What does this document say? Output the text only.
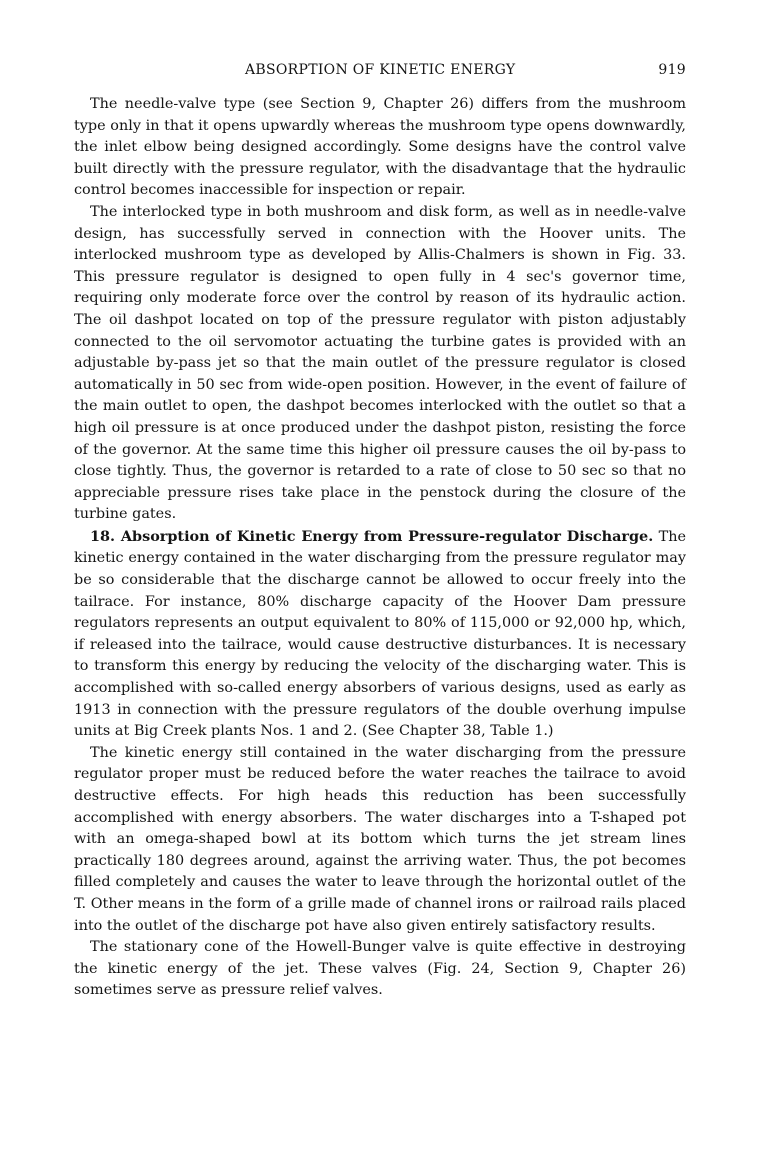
ABSORPTION OF KINETIC ENERGY	919

The needle-valve type (see Section 9, Chapter 26) differs from the mushroom type only in that it opens upwardly whereas the mushroom type opens downwardly, the inlet elbow being designed accordingly. Some designs have the control valve built directly with the pressure regulator, with the disadvantage that the hydraulic control becomes inaccessible for inspection or repair.

The interlocked type in both mushroom and disk form, as well as in needle-valve design, has successfully served in connection with the Hoover units. The interlocked mushroom type as developed by Allis-Chalmers is shown in Fig. 33. This pressure regulator is designed to open fully in 4 sec's governor time, requiring only moderate force over the control by reason of its hydraulic action. The oil dashpot located on top of the pressure regulator with piston adjustably connected to the oil servomotor actuating the turbine gates is provided with an adjustable by-pass jet so that the main outlet of the pressure regulator is closed automatically in 50 sec from wide-open position. However, in the event of failure of the main outlet to open, the dashpot becomes interlocked with the outlet so that a high oil pressure is at once produced under the dashpot piston, resisting the force of the governor. At the same time this higher oil pressure causes the oil by-pass to close tightly. Thus, the governor is retarded to a rate of close to 50 sec so that no appreciable pressure rises take place in the penstock during the closure of the turbine gates.

18. Absorption of Kinetic Energy from Pressure-regulator Discharge. The kinetic energy contained in the water discharging from the pressure regulator may be so considerable that the discharge cannot be allowed to occur freely into the tailrace. For instance, 80% discharge capacity of the Hoover Dam pressure regulators represents an output equivalent to 80% of 115,000 or 92,000 hp, which, if released into the tailrace, would cause destructive disturbances. It is necessary to transform this energy by reducing the velocity of the discharging water. This is accomplished with so-called energy absorbers of various designs, used as early as 1913 in connection with the pressure regulators of the double overhung impulse units at Big Creek plants Nos. 1 and 2. (See Chapter 38, Table 1.)

The kinetic energy still contained in the water discharging from the pressure regulator proper must be reduced before the water reaches the tailrace to avoid destructive effects. For high heads this reduction has been successfully accomplished with energy absorbers. The water discharges into a T-shaped pot with an omega-shaped bowl at its bottom which turns the jet stream lines practically 180 degrees around, against the arriving water. Thus, the pot becomes filled completely and causes the water to leave through the horizontal outlet of the T. Other means in the form of a grille made of channel irons or railroad rails placed into the outlet of the discharge pot have also given entirely satisfactory results.

The stationary cone of the Howell-Bunger valve is quite effective in destroying the kinetic energy of the jet. These valves (Fig. 24, Section 9, Chapter 26) sometimes serve as pressure relief valves.
